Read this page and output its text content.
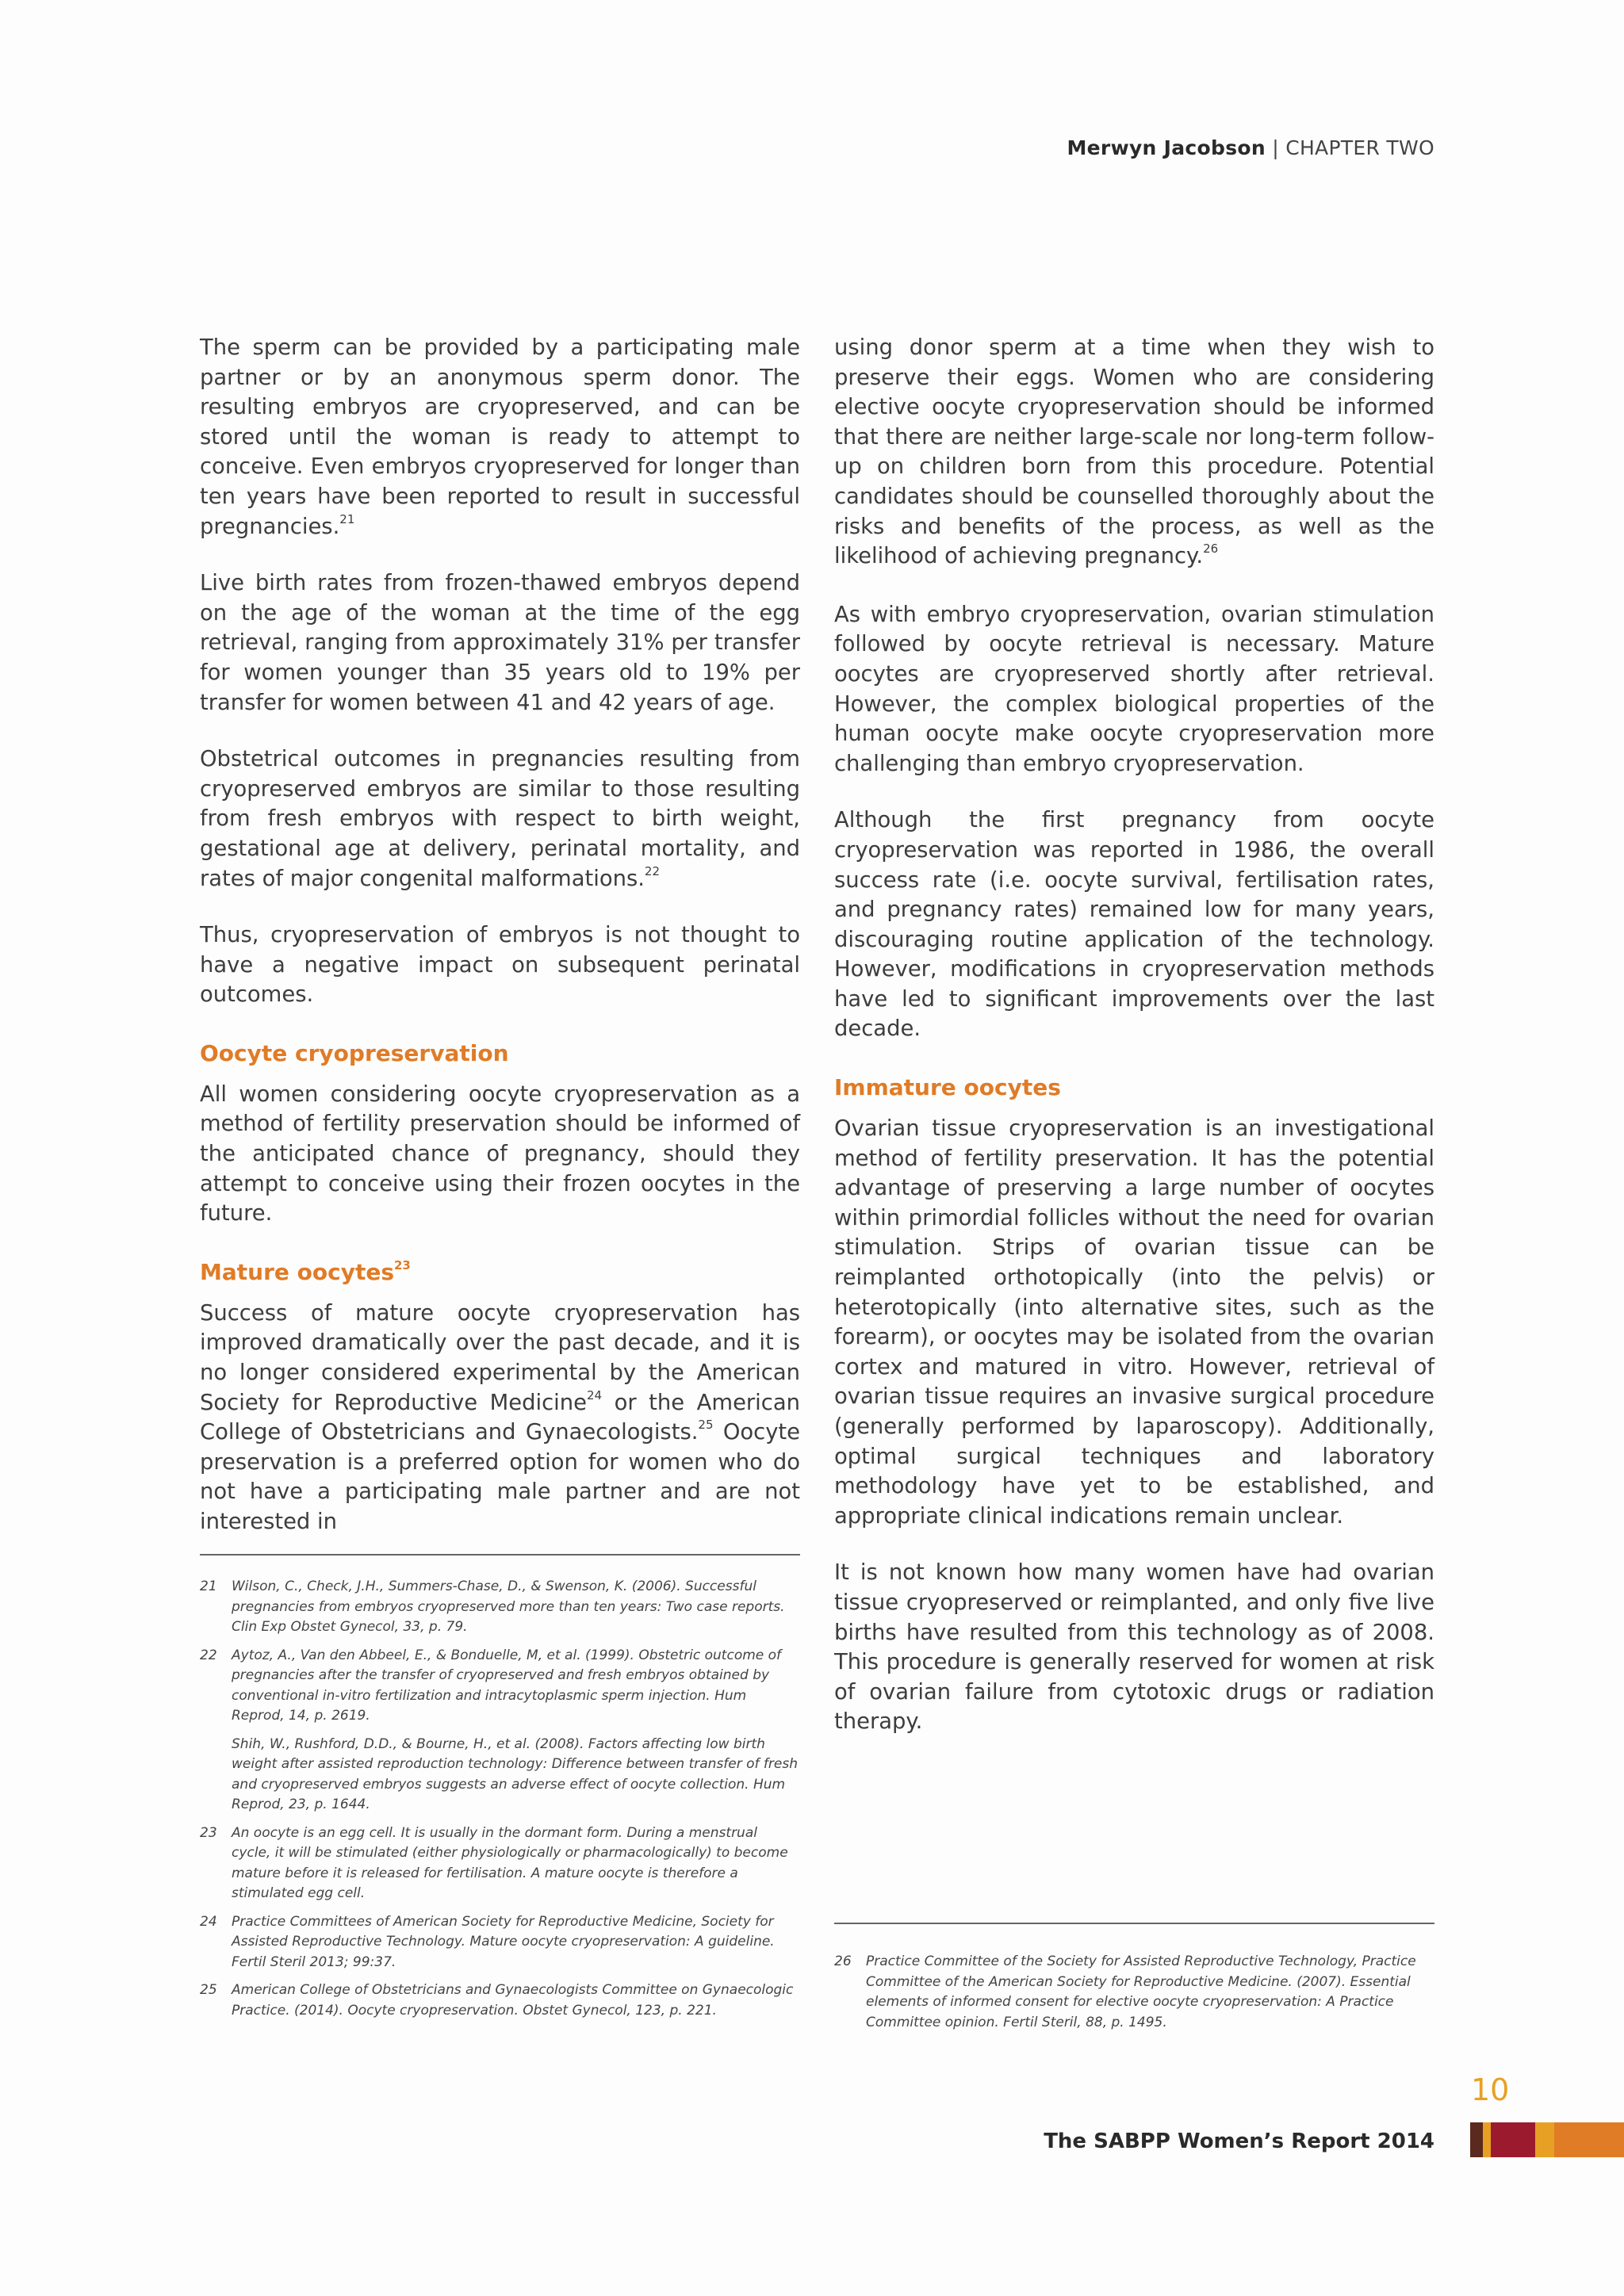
Merwyn Jacobson | CHAPTER TWO

The sperm can be provided by a participating male partner or by an anonymous sperm donor. The resulting embryos are cryopreserved, and can be stored until the woman is ready to attempt to conceive. Even embryos cryopreserved for longer than ten years have been reported to result in successful pregnancies.$^{21}$

Live birth rates from frozen-thawed embryos depend on the age of the woman at the time of the egg retrieval, ranging from approximately 31% per transfer for women younger than 35 years old to 19% per transfer for women between 41 and 42 years of age.

Obstetrical outcomes in pregnancies resulting from cryopreserved embryos are similar to those resulting from fresh embryos with respect to birth weight, gestational age at delivery, perinatal mortality, and rates of major congenital malformations.$^{22}$

Thus, cryopreservation of embryos is not thought to have a negative impact on subsequent perinatal outcomes.

Oocyte cryopreservation

All women considering oocyte cryopreservation as a method of fertility preservation should be informed of the anticipated chance of pregnancy, should they attempt to conceive using their frozen oocytes in the future.

Mature oocytes$^{23}$

Success of mature oocyte cryopreservation has improved dramatically over the past decade, and it is no longer considered experimental by the American Society for Reproductive Medicine$^{24}$ or the American College of Obstetricians and Gynaecologists.$^{25}$ Oocyte preservation is a preferred option for women who do not have a participating male partner and are not interested in

using donor sperm at a time when they wish to preserve their eggs. Women who are considering elective oocyte cryopreservation should be informed that there are neither large-scale nor long-term follow-up on children born from this procedure. Potential candidates should be counselled thoroughly about the risks and benefits of the process, as well as the likelihood of achieving pregnancy.$^{26}$

As with embryo cryopreservation, ovarian stimulation followed by oocyte retrieval is necessary. Mature oocytes are cryopreserved shortly after retrieval. However, the complex biological properties of the human oocyte make oocyte cryopreservation more challenging than embryo cryopreservation.

Although the first pregnancy from oocyte cryopreservation was reported in 1986, the overall success rate (i.e. oocyte survival, fertilisation rates, and pregnancy rates) remained low for many years, discouraging routine application of the technology. However, modifications in cryopreservation methods have led to significant improvements over the last decade.

Immature oocytes

Ovarian tissue cryopreservation is an investigational method of fertility preservation. It has the potential advantage of preserving a large number of oocytes within primordial follicles without the need for ovarian stimulation. Strips of ovarian tissue can be reimplanted orthotopically (into the pelvis) or heterotopically (into alternative sites, such as the forearm), or oocytes may be isolated from the ovarian cortex and matured in vitro. However, retrieval of ovarian tissue requires an invasive surgical procedure (generally performed by laparoscopy). Additionally, optimal surgical techniques and laboratory methodology have yet to be established, and appropriate clinical indications remain unclear.

It is not known how many women have had ovarian tissue cryopreserved or reimplanted, and only five live births have resulted from this technology as of 2008. This procedure is generally reserved for women at risk of ovarian failure from cytotoxic drugs or radiation therapy.

21	Wilson, C., Check, J.H., Summers-Chase, D., & Swenson, K. (2006). Successful pregnancies from embryos cryopreserved more than ten years: Two case reports. Clin Exp Obstet Gynecol, 33, p. 79.
22	Aytoz, A., Van den Abbeel, E., & Bonduelle, M, et al. (1999). Obstetric outcome of pregnancies after the transfer of cryopreserved and fresh embryos obtained by conventional in-vitro fertilization and intracytoplasmic sperm injection. Hum Reprod, 14, p. 2619.
Shih, W., Rushford, D.D., & Bourne, H., et al. (2008). Factors affecting low birth weight after assisted reproduction technology: Difference between transfer of fresh and cryopreserved embryos suggests an adverse effect of oocyte collection. Hum Reprod, 23, p. 1644.
23	An oocyte is an egg cell. It is usually in the dormant form. During a menstrual cycle, it will be stimulated (either physiologically or pharmacologically) to become mature before it is released for fertilisation. A mature oocyte is therefore a stimulated egg cell.
24	Practice Committees of American Society for Reproductive Medicine, Society for Assisted Reproductive Technology. Mature oocyte cryopreservation: A guideline. Fertil Steril 2013; 99:37.
25	American College of Obstetricians and Gynaecologists Committee on Gynaecologic Practice. (2014). Oocyte cryopreservation. Obstet Gynecol, 123, p. 221.
26	Practice Committee of the Society for Assisted Reproductive Technology, Practice Committee of the American Society for Reproductive Medicine. (2007). Essential elements of informed consent for elective oocyte cryopreservation: A Practice Committee opinion. Fertil Steril, 88, p. 1495.
10
The SABPP Women’s Report 2014
